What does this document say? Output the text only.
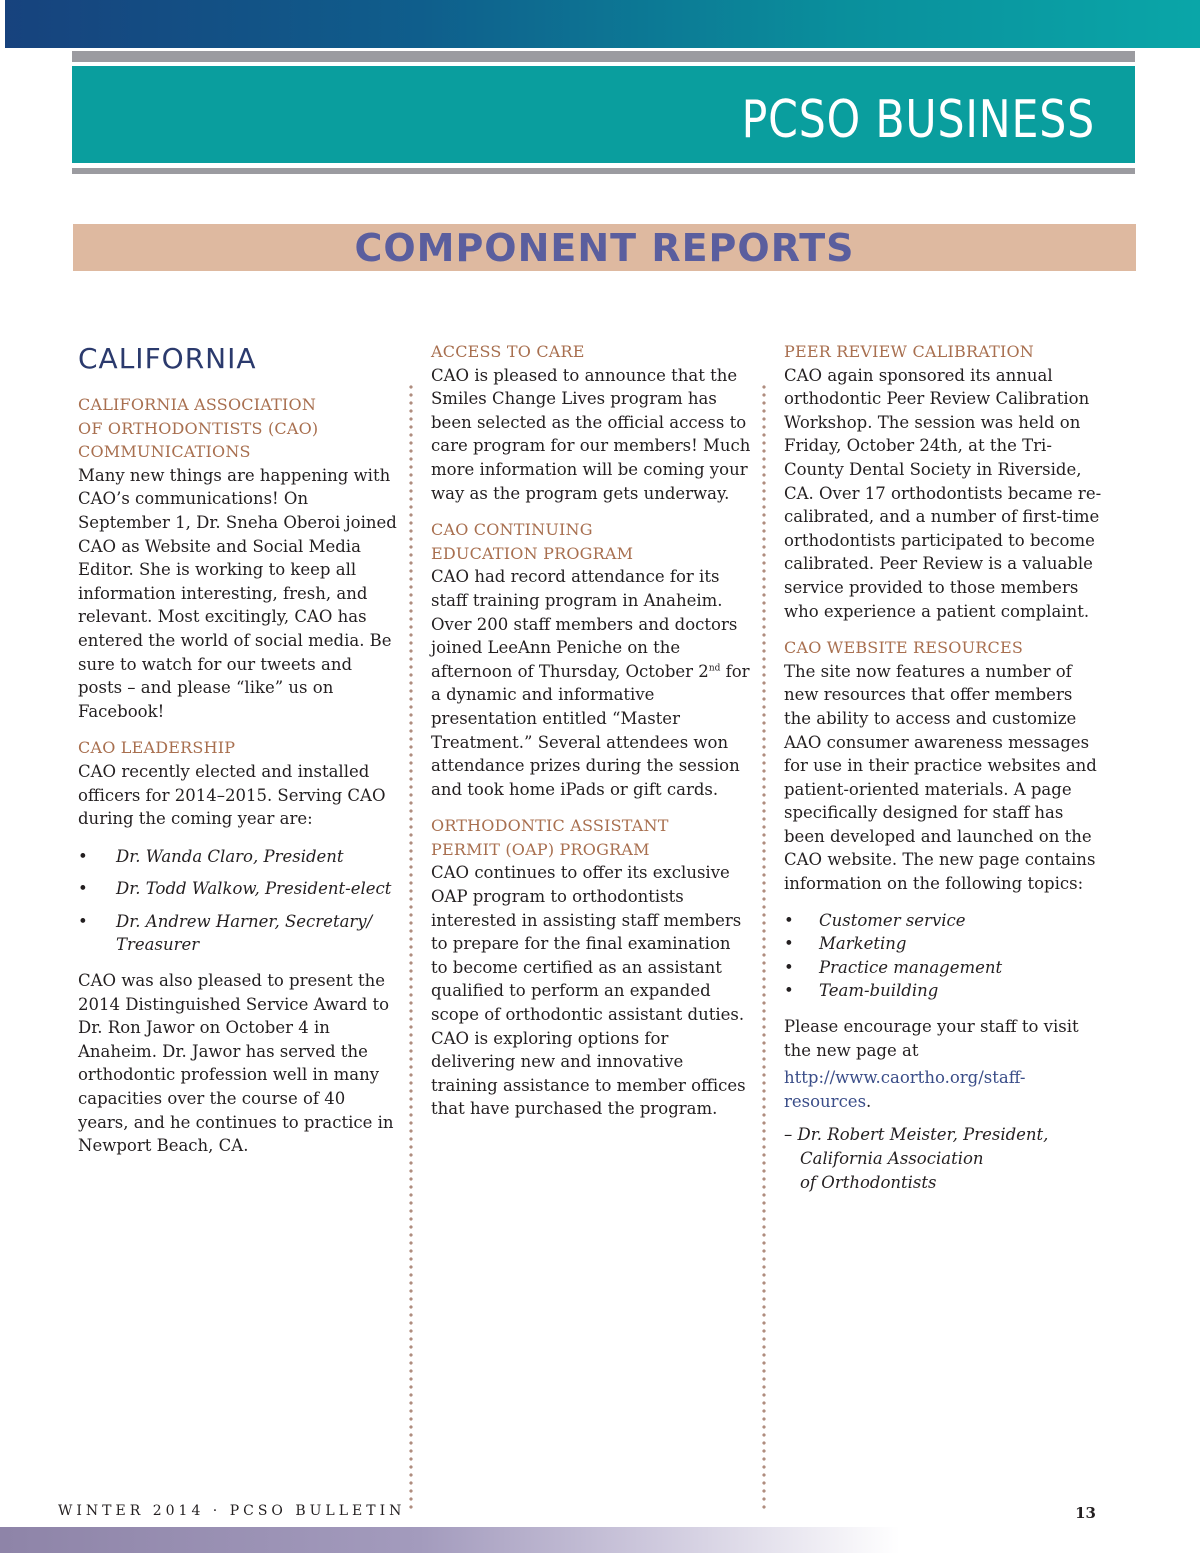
PCSO BUSINESS
COMPONENT REPORTS
CALIFORNIA
CALIFORNIA ASSOCIATION
OF ORTHODONTISTS (CAO)
COMMUNICATIONS

Many new things are happening with CAO’s communications! On September 1, Dr. Sneha Oberoi joined CAO as Website and Social Media Editor. She is working to keep all information interesting, fresh, and relevant. Most excitingly, CAO has entered the world of social media. Be sure to watch for our tweets and posts – and please “like” us on Facebook!

CAO LEADERSHIP

CAO recently elected and installed officers for 2014–2015. Serving CAO during the coming year are:

• Dr. Wanda Claro, President
• Dr. Todd Walkow, President-elect
• Dr. Andrew Harner, Secretary/ Treasurer

CAO was also pleased to present the 2014 Distinguished Service Award to Dr. Ron Jawor on October 4 in Anaheim. Dr. Jawor has served the orthodontic profession well in many capacities over the course of 40 years, and he continues to practice in Newport Beach, CA.

ACCESS TO CARE

CAO is pleased to announce that the Smiles Change Lives program has been selected as the official access to care program for our members! Much more information will be coming your way as the program gets underway.

CAO CONTINUING
EDUCATION PROGRAM

CAO had record attendance for its staff training program in Anaheim. Over 200 staff members and doctors joined LeeAnn Peniche on the afternoon of Thursday, October 2nd for a dynamic and informative presentation entitled “Master Treatment.” Several attendees won attendance prizes during the session and took home iPads or gift cards.

ORTHODONTIC ASSISTANT
PERMIT (OAP) PROGRAM

CAO continues to offer its exclusive OAP program to orthodontists interested in assisting staff members to prepare for the final examination to become certified as an assistant qualified to perform an expanded scope of orthodontic assistant duties. CAO is exploring options for delivering new and innovative training assistance to member offices that have purchased the program.

PEER REVIEW CALIBRATION

CAO again sponsored its annual orthodontic Peer Review Calibration Workshop. The session was held on Friday, October 24th, at the Tri-County Dental Society in Riverside, CA. Over 17 orthodontists became re-calibrated, and a number of first-time orthodontists participated to become calibrated. Peer Review is a valuable service provided to those members who experience a patient complaint.

CAO WEBSITE RESOURCES

The site now features a number of new resources that offer members the ability to access and customize AAO consumer awareness messages for use in their practice websites and patient-oriented materials. A page specifically designed for staff has been developed and launched on the CAO website. The new page contains information on the following topics:

• Customer service
• Marketing
• Practice management
• Team-building

Please encourage your staff to visit the new page at

http://www.caortho.org/staff-resources.
– Dr. Robert Meister, President,
California Association
of Orthodontists
WINTER 2014 · PCSO BULLETIN	13
